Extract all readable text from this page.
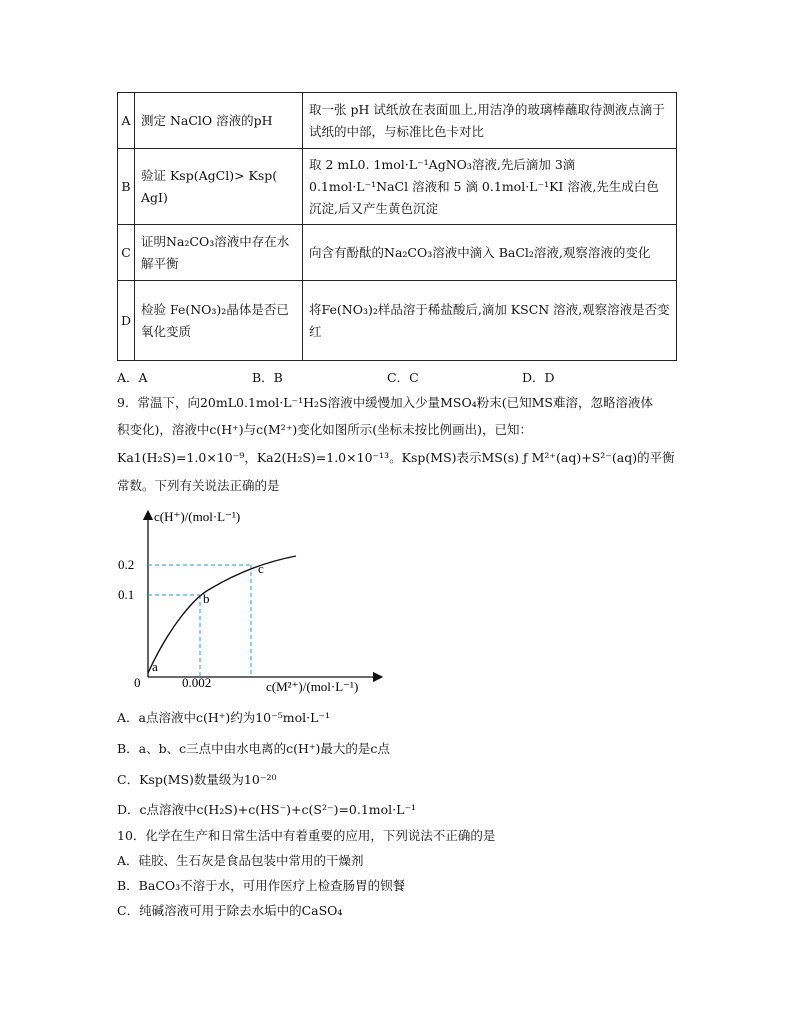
A	测定 NaClO 溶液的pH	取一张 pH 试纸放在表面皿上,用洁净的玻璃棒蘸取待测液点滴于试纸的中部，与标准比色卡对比
B	验证 Ksp(AgCl)> Ksp( AgI)	取 2 mL0. 1mol·L⁻¹AgNO₃溶液,先后滴加 3滴 0.1mol·L⁻¹NaCl 溶液和 5 滴 0.1mol·L⁻¹KI 溶液,先生成白色沉淀,后又产生黄色沉淀
C	证明Na₂CO₃溶液中存在水解平衡	向含有酚酞的Na₂CO₃溶液中滴入 BaCl₂溶液,观察溶液的变化
D	检验 Fe(NO₃)₂晶体是否已氧化变质	将Fe(NO₃)₂样品溶于稀盐酸后,滴加 KSCN 溶液,观察溶液是否变红
A．A	B．B	C．C	D．D
9．常温下，向20mL0.1mol·L⁻¹H₂S溶液中缓慢加入少量MSO₄粉末(已知MS难溶，忽略溶液体
积变化)，溶液中c(H⁺)与c(M²⁺)变化如图所示(坐标未按比例画出)，已知：
Ka1(H₂S)=1.0×10⁻⁹，Ka2(H₂S)=1.0×10⁻¹³。Ksp(MS)表示MS(s) ƒ M²⁺(aq)+S²⁻(aq)的平衡
常数。下列有关说法正确的是
c(H⁺)/(mol·L⁻¹)
c(M²⁺)/(mol·L⁻¹)
0	0.002
0.1
0.2
a
b
c
A．a点溶液中c(H⁺)约为10⁻⁵mol·L⁻¹
B．a、b、c三点中由水电离的c(H⁺)最大的是c点
C．Ksp(MS)数量级为10⁻²⁰
D．c点溶液中c(H₂S)+c(HS⁻)+c(S²⁻)=0.1mol·L⁻¹
10．化学在生产和日常生活中有着重要的应用，下列说法不正确的是
A．硅胶、生石灰是食品包装中常用的干燥剂
B．BaCO₃不溶于水，可用作医疗上检查肠胃的钡餐
C．纯碱溶液可用于除去水垢中的CaSO₄
